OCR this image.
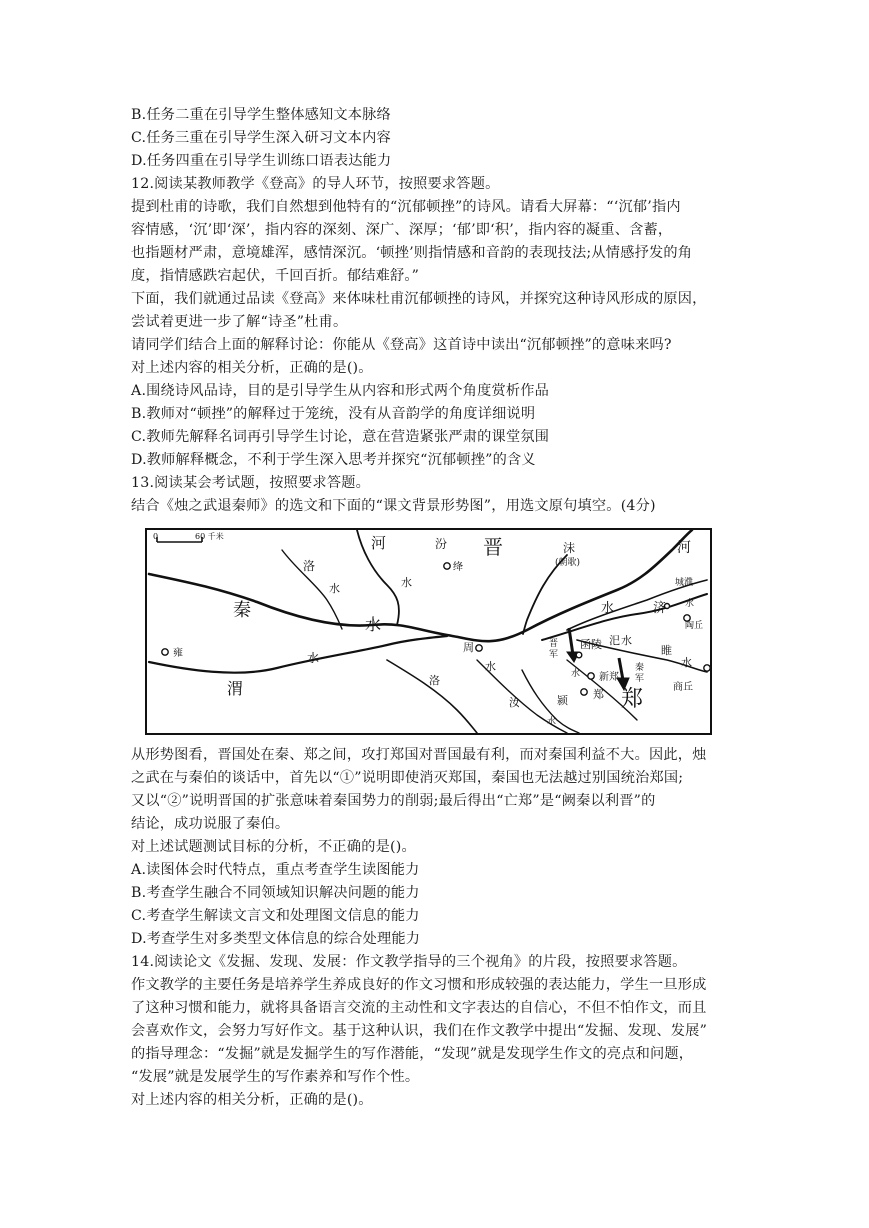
B.任务二重在引导学生整体感知文本脉络
C.任务三重在引导学生深入研习文本内容
D.任务四重在引导学生训练口语表达能力
12.阅读某教师教学《登高》的导人环节，按照要求答题。
提到杜甫的诗歌，我们自然想到他特有的“沉郁顿挫”的诗风。请看大屏幕：“‘沉郁’指内
容情感，‘沉’即‘深’，指内容的深刻、深广、深厚；‘郁’即‘积’，指内容的凝重、含蓄，
也指题材严肃，意境雄浑，感情深沉。‘顿挫’则指情感和音韵的表现技法;从情感抒发的角
度，指情感跌宕起伏，千回百折。郁结难舒。”
下面，我们就通过品读《登高》来体味杜甫沉郁顿挫的诗风，并探究这种诗风形成的原因，
尝试着更进一步了解“诗圣”杜甫。
请同学们结合上面的解释讨论：你能从《登高》这首诗中读出“沉郁顿挫”的意味来吗?
对上述内容的相关分析，正确的是()。
A.围绕诗风品诗，目的是引导学生从内容和形式两个角度赏析作品
B.教师对“顿挫”的解释过于笼统，没有从音韵学的角度详细说明
C.教师先解释名词再引导学生讨论，意在营造紧张严肃的课堂氛围
D.教师解释概念，不利于学生深入思考并探究“沉郁顿挫”的含义
13.阅读某会考试题，按照要求答题。
结合《烛之武退秦师》的选文和下面的“课文背景形势图”，用选文原句填空。(4分)
0	60 千米	河	汾 晋	沫
(朝歌)
河
洛
水
绛
水	城濮
秦
水
水	济 水
陶丘
雍	周	晋
军
函陵 汜 水
睢
水 新郑
秦
军
水
商丘
水
渭	洛
水
汝	颍 郑 郑
水
从形势图看，晋国处在秦、郑之间，攻打郑国对晋国最有利，而对秦国利益不大。因此，烛
之武在与秦伯的谈话中，首先以“①”说明即使消灭郑国，秦国也无法越过别国统治郑国;
又以“②”说明晋国的扩张意味着秦国势力的削弱;最后得出“亡郑”是“阙秦以利晋”的
结论，成功说服了秦伯。
对上述试题测试目标的分析，不正确的是()。
A.读图体会时代特点，重点考查学生读图能力
B.考查学生融合不同领域知识解决问题的能力
C.考查学生解读文言文和处理图文信息的能力
D.考查学生对多类型文体信息的综合处理能力
14.阅读论文《发掘、发现、发展：作文教学指导的三个视角》的片段，按照要求答题。
作文教学的主要任务是培养学生养成良好的作文习惯和形成较强的表达能力，学生一旦形成
了这种习惯和能力，就将具备语言交流的主动性和文字表达的自信心，不但不怕作文，而且
会喜欢作文，会努力写好作文。基于这种认识，我们在作文教学中提出“发掘、发现、发展”
的指导理念：“发掘”就是发掘学生的写作潜能，“发现”就是发现学生作文的亮点和问题，
“发展”就是发展学生的写作素养和写作个性。
对上述内容的相关分析，正确的是()。
